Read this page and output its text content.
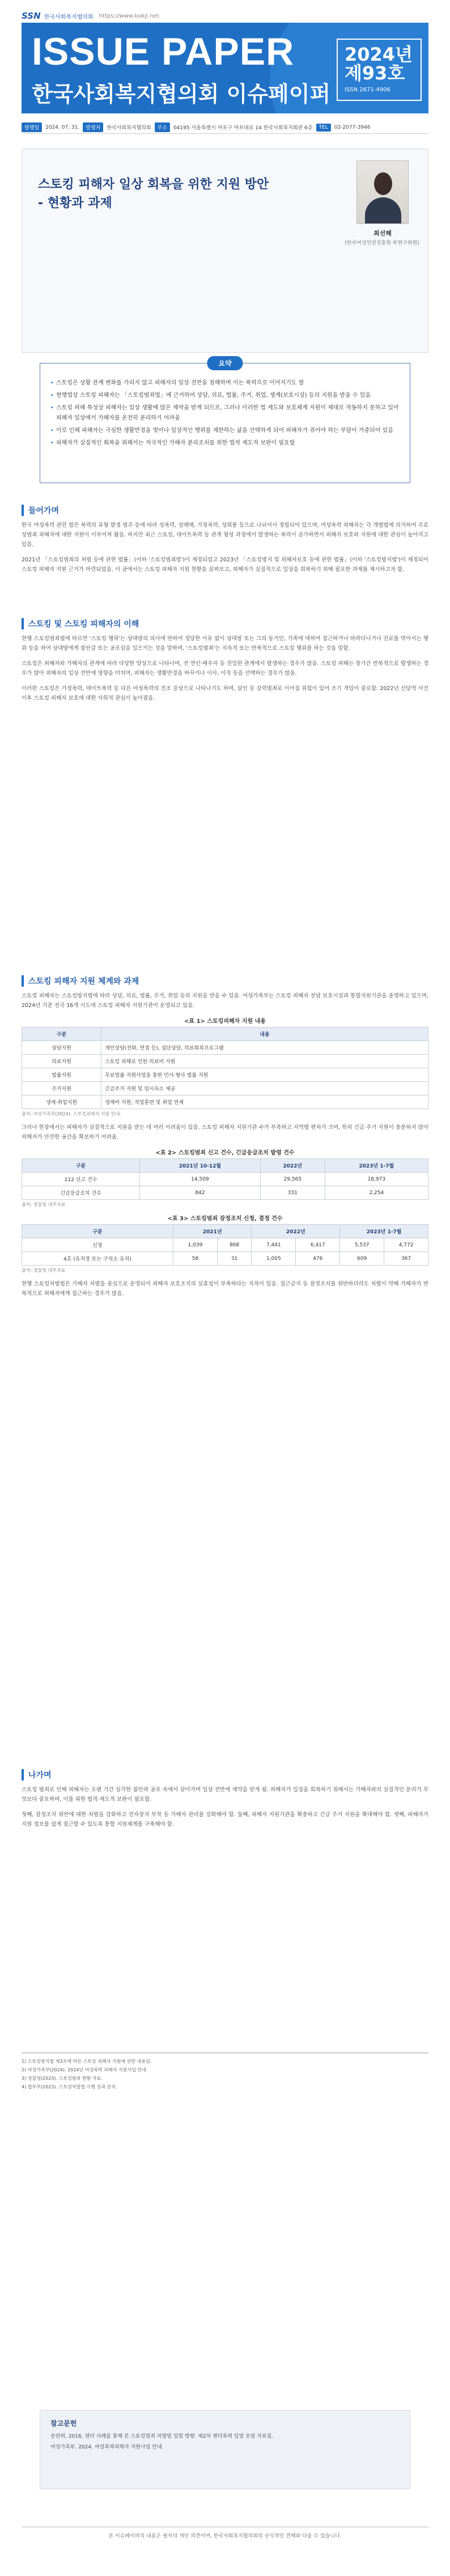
SSN 한국사회복지협의회 https://www.bokji.net
ISSUE PAPER
한국사회복지협의회 이슈페이퍼
2024년
제93호
ISSN 2671-4906
발행일	2024. 07. 31.	발행처	한국사회복지협의회	주소	04195 서울특별시 마포구 마포대로 14 한국사회복지회관 6층	TEL	02-2077-3946
스토킹 피해자 일상 회복을 위한 지원 방안
- 현황과 과제
최선혜
(한국여성인권진흥원 부연구위원)
요약
• 스토킹은 상황 관계 변화를 가리지 않고 피해자의 일상 전반을 침해하며 이는 폭력으로 이어지기도 함
• 현행법상 스토킹 피해자는 「스토킹범죄법」에 근거하여 상담, 의료, 법률, 주거, 취업, 생계(보호시설) 등의 지원을 받을 수 있음
• 스토킹 피해 특성상 피해자는 일상 생활에 많은 제약을 받게 되므로, 그러나 이러한 법 제도와 보호체계 지원이 제대로 작동하지 못하고 있어 피해자 일상에서 가해자를 온전히 분리하기 어려움
• 이로 인해 피해자는 극심한 생활반경을 벗어나 일상적인 행위를 제한하는 삶을 선택하게 되어 피해자가 겪어야 하는 부담이 가중되어 있음
• 피해자가 실질적인 회복을 위해서는 적극적인 가해자 분리조치를 위한 법적 제도적 보완이 필요함
들어가며

한국 여성폭력 관련 법은 폭력의 유형 발생 범주 등에 따라 성폭력, 성매매, 가정폭력, 성희롱 등으로 나뉘어서 정립되어 있으며, 여성폭력 피해자는 각 개별법에 의거하여 주로 성범죄 피해자에 대한 지원이 이루어져 왔음. 하지만 최근 스토킹, 데이트폭력 등 관계 형성 과정에서 발생하는 폭력이 증가하면서 피해자 보호와 지원에 대한 관심이 높아지고 있음.

2021년 「스토킹범죄의 처벌 등에 관한 법률」(이하 '스토킹범죄법')이 제정되었고 2023년 「스토킹방지 및 피해자보호 등에 관한 법률」(이하 '스토킹방지법')이 제정되어 스토킹 피해자 지원 근거가 마련되었음. 이 글에서는 스토킹 피해자 지원 현황을 살펴보고, 피해자가 실질적으로 일상을 회복하기 위해 필요한 과제를 제시하고자 함.

스토킹 및 스토킹 피해자의 이해

현행 스토킹범죄법에 따르면 '스토킹 행위'는 상대방의 의사에 반하여 정당한 이유 없이 상대방 또는 그의 동거인, 가족에 대하여 접근하거나 따라다니거나 진로를 막아서는 행위 등을 하여 상대방에게 불안감 또는 공포심을 일으키는 것을 말하며, '스토킹범죄'는 지속적 또는 반복적으로 스토킹 행위를 하는 것을 말함.

스토킹은 피해자와 가해자의 관계에 따라 다양한 양상으로 나타나며, 전 연인·배우자 등 친밀한 관계에서 발생하는 경우가 많음. 스토킹 피해는 장기간 반복적으로 발생하는 경우가 많아 피해자의 일상 전반에 영향을 미치며, 피해자는 생활반경을 바꾸거나 이사, 이직 등을 선택하는 경우가 많음.

이러한 스토킹은 가정폭력, 데이트폭력 등 다른 여성폭력의 전조 증상으로 나타나기도 하며, 살인 등 강력범죄로 이어질 위험이 있어 조기 개입이 중요함. 2022년 신당역 사건 이후 스토킹 피해자 보호에 대한 사회적 관심이 높아졌음.

스토킹 피해자 지원 체계와 과제

스토킹 피해자는 스토킹방지법에 따라 상담, 의료, 법률, 주거, 취업 등의 지원을 받을 수 있음. 여성가족부는 스토킹 피해자 전담 보호시설과 통합지원기관을 운영하고 있으며, 2024년 기준 전국 16개 시도에 스토킹 피해자 지원기관이 운영되고 있음.

<표 1> 스토킹피해자 지원 내용
구분	내용
상담지원	개인상담(전화, 면접 등), 집단상담, 의료회복프로그램
의료지원	스토킹 피해로 인한 의료비 지원
법률지원	무료법률 지원사업을 통한 민사·형사 법률 지원
주거지원	긴급주거 지원 및 임시숙소 제공
생계·취업지원	생계비 지원, 직업훈련 및 취업 연계
출처: 여성가족부(2024). 스토킹피해자 지원 안내.

그러나 현장에서는 피해자가 실질적으로 지원을 받는 데 여러 어려움이 있음. 스토킹 피해자 지원기관 수가 부족하고 지역별 편차가 크며, 특히 긴급 주거 지원이 충분하지 않아 피해자가 안전한 공간을 확보하기 어려움.

<표 2> 스토킹범죄 신고 건수, 긴급응급조치 발령 건수
구분	2021년 10-12월	2022년	2023년 1-7월
112 신고 건수	14,509	29,565	18,973
긴급응급조치 건수	842	331	2,254
출처: 경찰청 내부자료
<표 3> 스토킹범죄 잠정조치 신청, 결정 건수
구분	2021년		2022년		2023년 1-7월	
신청	1,039	868	7,441	6,417	5,537	4,772
4호 (유치장 또는 구치소 유치)	58	31	1,005	476	609	367
출처: 경찰청 내부자료

현행 스토킹처벌법은 가해자 처벌을 중심으로 운영되어 피해자 보호조치의 실효성이 부족하다는 지적이 있음. 접근금지 등 잠정조치를 위반하더라도 처벌이 약해 가해자가 반복적으로 피해자에게 접근하는 경우가 많음.

나가며

스토킹 범죄로 인해 피해자는 오랜 기간 심각한 불안과 공포 속에서 살아가며 일상 전반에 제약을 받게 됨. 피해자가 일상을 회복하기 위해서는 가해자와의 실질적인 분리가 무엇보다 중요하며, 이를 위한 법적·제도적 보완이 필요함.

첫째, 잠정조치 위반에 대한 처벌을 강화하고 전자장치 부착 등 가해자 관리를 강화해야 함. 둘째, 피해자 지원기관을 확충하고 긴급 주거 지원을 확대해야 함. 셋째, 피해자가 지원 정보를 쉽게 접근할 수 있도록 통합 지원체계를 구축해야 함.

1) 스토킹방지법 제3조에 따른 스토킹 피해자 지원에 관한 내용임.
2) 여성가족부(2024). 2024년 여성폭력 피해자 지원사업 안내.
3) 경찰청(2023). 스토킹범죄 현황 자료.
4) 법무부(2023). 스토킹처벌법 시행 성과 분석.
참고문헌
송란희, 2016, 젠더 사례를 통해 본 스토킹범죄 처벌법 입법 방향. 제2차 젠더폭력 입법 포럼 자료집.
여성가족부. 2024. 여성폭력피해자 지원사업 안내.
본 이슈페이퍼의 내용은 필자의 개인 의견이며, 한국사회복지협의회의 공식적인 견해와 다를 수 있습니다.
